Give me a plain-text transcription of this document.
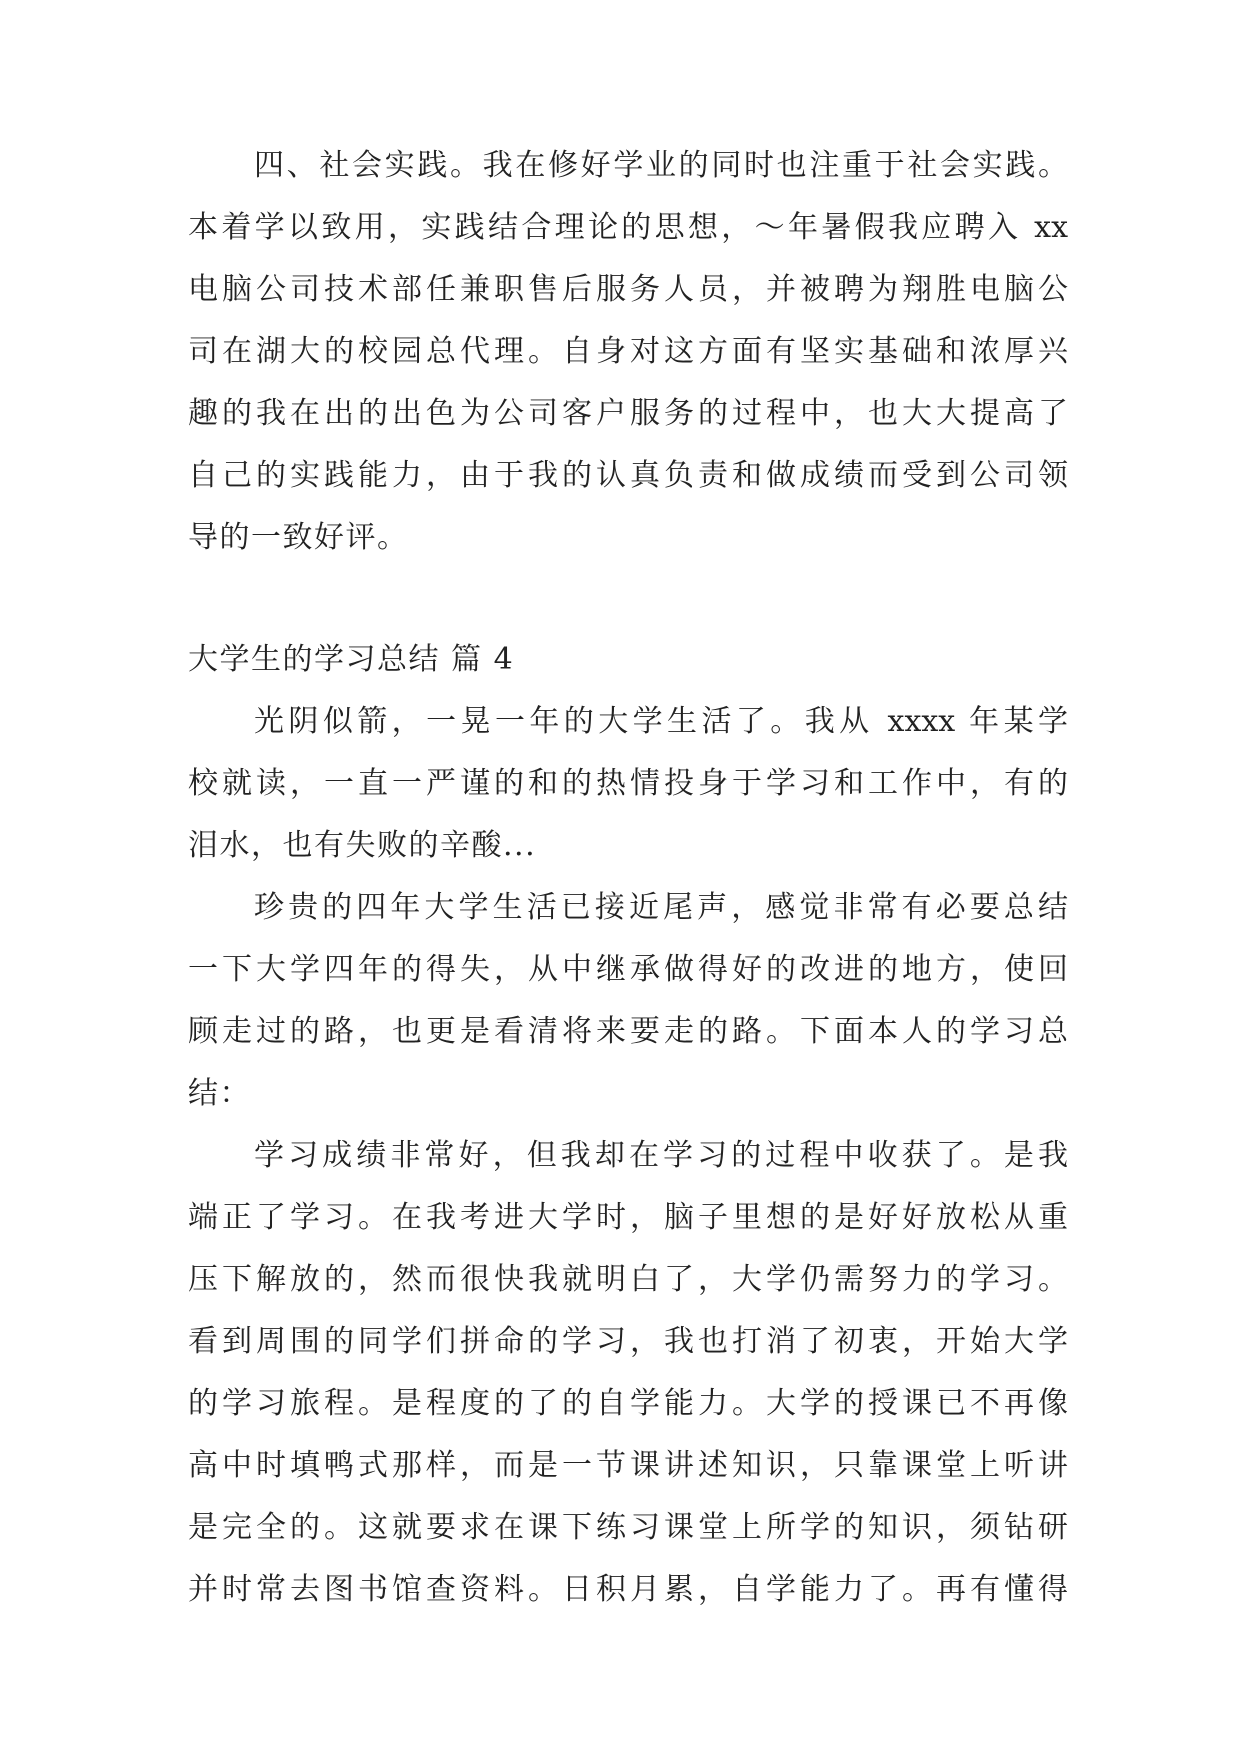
四、社会实践。我在修好学业的同时也注重于社会实践。
本着学以致用，实践结合理论的思想，～年暑假我应聘入 xx
电脑公司技术部任兼职售后服务人员，并被聘为翔胜电脑公
司在湖大的校园总代理。自身对这方面有坚实基础和浓厚兴
趣的我在出的出色为公司客户服务的过程中，也大大提高了
自己的实践能力，由于我的认真负责和做成绩而受到公司领
导的一致好评。
大学生的学习总结 篇 4
光阴似箭，一晃一年的大学生活了。我从 xxxx 年某学
校就读，一直一严谨的和的热情投身于学习和工作中，有的
泪水，也有失败的辛酸...
珍贵的四年大学生活已接近尾声，感觉非常有必要总结
一下大学四年的得失，从中继承做得好的改进的地方，使回
顾走过的路，也更是看清将来要走的路。下面本人的学习总
结：
学习成绩非常好，但我却在学习的过程中收获了。是我
端正了学习。在我考进大学时，脑子里想的是好好放松从重
压下解放的，然而很快我就明白了，大学仍需努力的学习。
看到周围的同学们拼命的学习，我也打消了初衷，开始大学
的学习旅程。是程度的了的自学能力。大学的授课已不再像
高中时填鸭式那样，而是一节课讲述知识，只靠课堂上听讲
是完全的。这就要求在课下练习课堂上所学的知识，须钻研
并时常去图书馆查资料。日积月累，自学能力了。再有懂得
